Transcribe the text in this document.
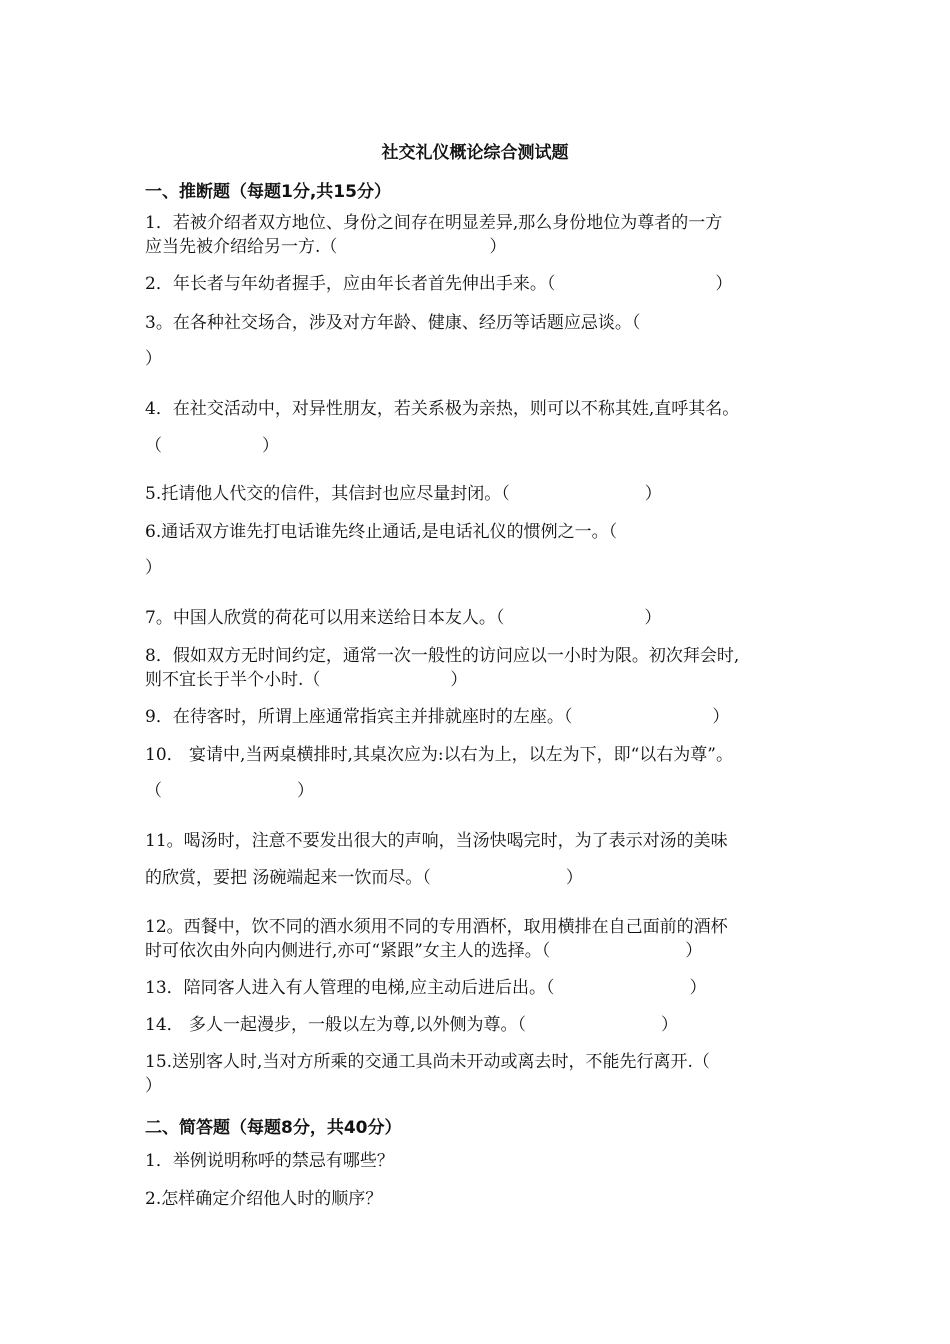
社交礼仪概论综合测试题
一、推断题（每题1分,共15分）
1．若被介绍者双方地位、身份之间存在明显差异,那么身份地位为尊者的一方
应当先被介绍给另一方.（	）
2．年长者与年幼者握手，应由年长者首先伸出手来。（	）
3。在各种社交场合，涉及对方年龄、健康、经历等话题应忌谈。（
）
4．在社交活动中，对异性朋友，若关系极为亲热，则可以不称其姓,直呼其名。
（	）
5.托请他人代交的信件，其信封也应尽量封闭。（	）
6.通话双方谁先打电话谁先终止通话,是电话礼仪的惯例之一。（
）
7。中国人欣赏的荷花可以用来送给日本友人。（	）
8．假如双方无时间约定，通常一次一般性的访问应以一小时为限。初次拜会时,
则不宜长于半个小时.（	）
9．在待客时，所谓上座通常指宾主并排就座时的左座。（	）
10． 宴请中,当两桌横排时,其桌次应为:以右为上，以左为下，即“以右为尊”。
（	）
11。喝汤时，注意不要发出很大的声响，当汤快喝完时，为了表示对汤的美味
的欣赏，要把 汤碗端起来一饮而尽。（	）
12。西餐中，饮不同的酒水须用不同的专用酒杯，取用横排在自己面前的酒杯
时可依次由外向内侧进行,亦可“紧跟”女主人的选择。（	）
13．陪同客人进入有人管理的电梯,应主动后进后出。（	）
14． 多人一起漫步，一般以左为尊,以外侧为尊。（	）
15.送别客人时,当对方所乘的交通工具尚未开动或离去时，不能先行离开.（
）
二、简答题（每题8分，共40分）
1．举例说明称呼的禁忌有哪些？
2.怎样确定介绍他人时的顺序？
